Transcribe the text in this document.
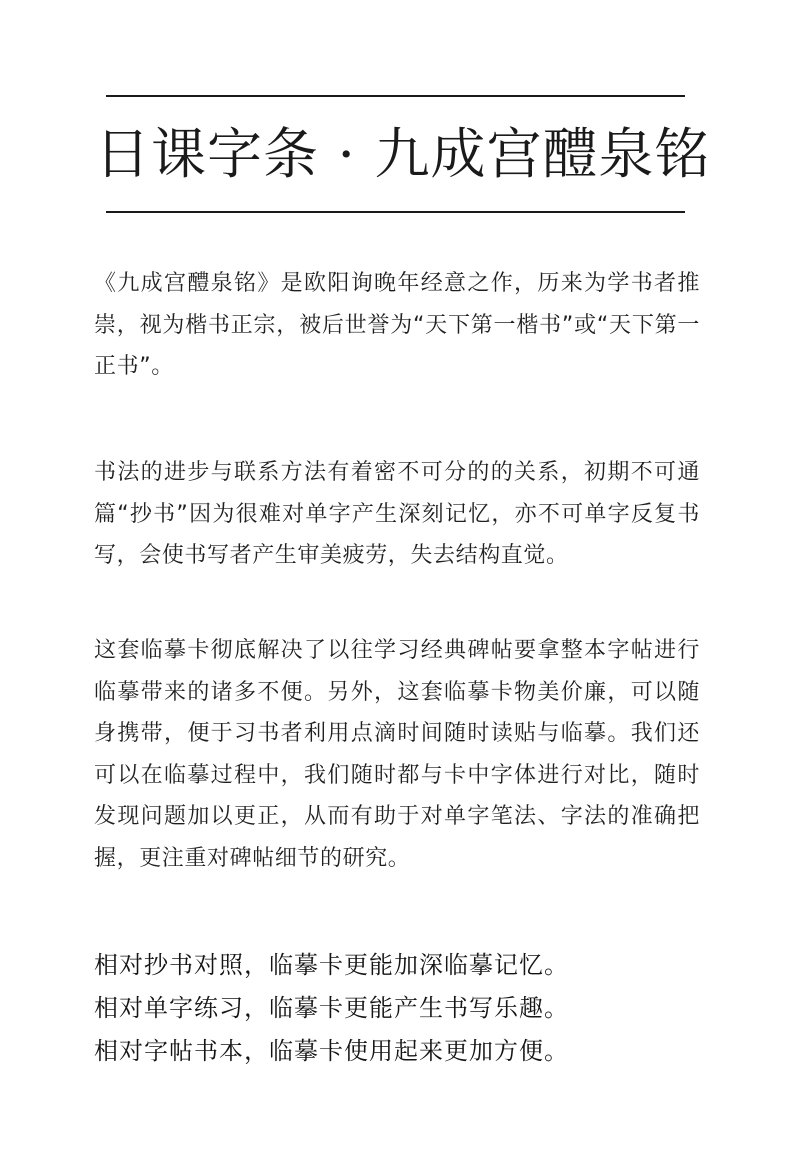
日课字条 · 九成宫醴泉铭

《九成宫醴泉铭》是欧阳询晚年经意之作，历来为学书者推崇，视为楷书正宗，被后世誉为“天下第一楷书”或“天下第一正书”。

书法的进步与联系方法有着密不可分的的关系，初期不可通篇“抄书”因为很难对单字产生深刻记忆，亦不可单字反复书写，会使书写者产生审美疲劳，失去结构直觉。

这套临摹卡彻底解决了以往学习经典碑帖要拿整本字帖进行临摹带来的诸多不便。另外，这套临摹卡物美价廉，可以随身携带，便于习书者利用点滴时间随时读贴与临摹。我们还可以在临摹过程中，我们随时都与卡中字体进行对比，随时发现问题加以更正，从而有助于对单字笔法、字法的准确把握，更注重对碑帖细节的研究。

相对抄书对照，临摹卡更能加深临摹记忆。
相对单字练习，临摹卡更能产生书写乐趣。
相对字帖书本，临摹卡使用起来更加方便。
